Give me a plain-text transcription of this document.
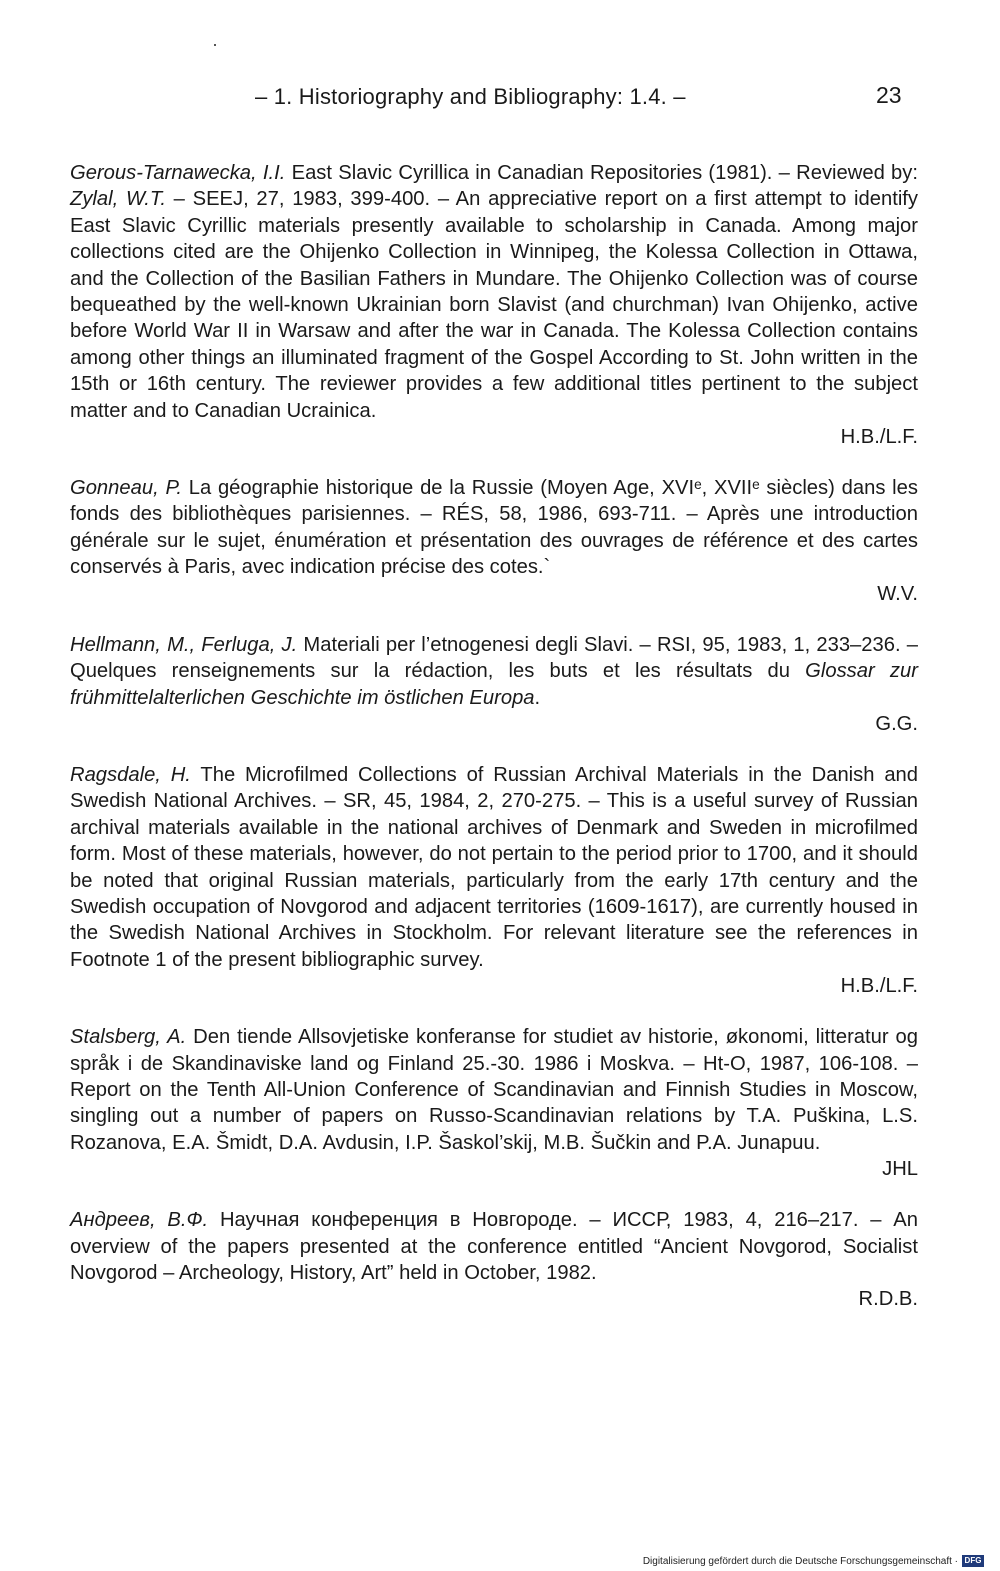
– 1. Historiography and Bibliography: 1.4. –	23

Gerous-Tarnawecka, I.I. East Slavic Cyrillica in Canadian Repositories (1981). – Reviewed by: Zylal, W.T. – SEEJ, 27, 1983, 399-400. – An appreciative report on a first attempt to identify East Slavic Cyrillic materials presently available to scholarship in Canada. Among major collections cited are the Ohijenko Collection in Winnipeg, the Kolessa Collection in Ottawa, and the Collection of the Basilian Fathers in Mundare. The Ohijenko Collection was of course bequeathed by the well-known Ukrainian born Slavist (and churchman) Ivan Ohijenko, active before World War II in Warsaw and after the war in Canada. The Kolessa Collection contains among other things an illuminated fragment of the Gospel According to St. John written in the 15th or 16th century. The reviewer provides a few additional titles pertinent to the subject matter and to Canadian Ucrainica.
H.B./L.F.

Gonneau, P. La géographie historique de la Russie (Moyen Age, XVIᵉ, XVIIᵉ siècles) dans les fonds des bibliothèques parisiennes. – RÉS, 58, 1986, 693-711. – Après une introduction générale sur le sujet, énumération et présentation des ouvrages de référence et des cartes conservés à Paris, avec indication précise des cotes.`
W.V.

Hellmann, M., Ferluga, J. Materiali per l’etnogenesi degli Slavi. – RSI, 95, 1983, 1, 233–236. – Quelques renseignements sur la rédaction, les buts et les résultats du Glossar zur frühmittelalterlichen Geschichte im östlichen Europa.
G.G.

Ragsdale, H. The Microfilmed Collections of Russian Archival Materials in the Danish and Swedish National Archives. – SR, 45, 1984, 2, 270-275. – This is a useful survey of Russian archival materials available in the national archives of Denmark and Sweden in microfilmed form. Most of these materials, however, do not pertain to the period prior to 1700, and it should be noted that original Russian materials, particularly from the early 17th century and the Swedish occupation of Novgorod and adjacent territories (1609-1617), are currently housed in the Swedish National Archives in Stockholm. For relevant literature see the references in Footnote 1 of the present bibliographic survey.
H.B./L.F.

Stalsberg, A. Den tiende Allsovjetiske konferanse for studiet av historie, økonomi, litteratur og språk i de Skandinaviske land og Finland 25.-30. 1986 i Moskva. – Ht-O, 1987, 106-108. – Report on the Tenth All-Union Conference of Scandinavian and Finnish Studies in Moscow, singling out a number of papers on Russo-Scandinavian relations by T.A. Puškina, L.S. Rozanova, E.A. Šmidt, D.A. Avdusin, I.P. Šaskol’skij, M.B. Šučkin and P.A. Junapuu.
JHL

Андреев, В.Ф. Научная конференция в Новгороде. – ИССР, 1983, 4, 216–217. – An overview of the papers presented at the conference entitled “Ancient Novgorod, Socialist Novgorod – Archeology, History, Art” held in October, 1982.
R.D.B.

Digitalisierung gefördert durch die Deutsche Forschungsgemeinschaft · DFG
